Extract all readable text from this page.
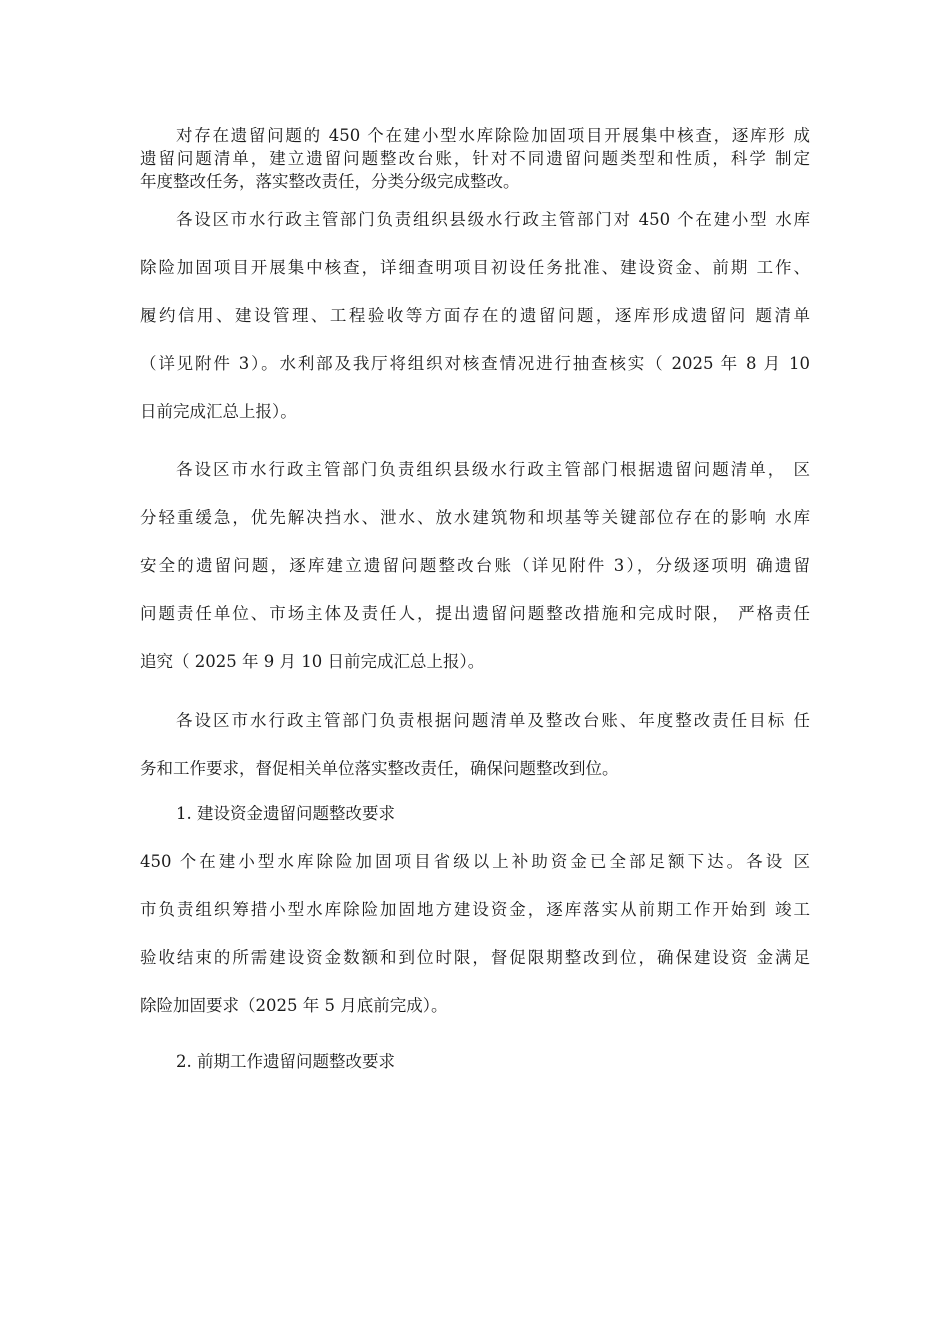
对存在遗留问题的 450 个在建小型水库除险加固项目开展集中核查，逐库形 成
遗留问题清单，建立遗留问题整改台账，针对不同遗留问题类型和性质，科学 制定
年度整改任务，落实整改责任，分类分级完成整改。

各设区市水行政主管部门负责组织县级水行政主管部门对 450 个在建小型 水库
除险加固项目开展集中核查，详细查明项目初设任务批准、建设资金、前期 工作、
履约信用、建设管理、工程验收等方面存在的遗留问题，逐库形成遗留问 题清单
（详见附件 3）。水利部及我厅将组织对核查情况进行抽查核实（ 2025 年 8 月 10
日前完成汇总上报）。

各设区市水行政主管部门负责组织县级水行政主管部门根据遗留问题清单， 区
分轻重缓急，优先解决挡水、泄水、放水建筑物和坝基等关键部位存在的影响 水库
安全的遗留问题，逐库建立遗留问题整改台账（详见附件 3），分级逐项明 确遗留
问题责任单位、市场主体及责任人，提出遗留问题整改措施和完成时限， 严格责任
追究（ 2025 年 9 月 10 日前完成汇总上报）。

各设区市水行政主管部门负责根据问题清单及整改台账、年度整改责任目标 任
务和工作要求，督促相关单位落实整改责任，确保问题整改到位。

1. 建设资金遗留问题整改要求

450 个在建小型水库除险加固项目省级以上补助资金已全部足额下达。各设 区
市负责组织筹措小型水库除险加固地方建设资金，逐库落实从前期工作开始到 竣工
验收结束的所需建设资金数额和到位时限，督促限期整改到位，确保建设资 金满足
除险加固要求（2025 年 5 月底前完成）。

2. 前期工作遗留问题整改要求
